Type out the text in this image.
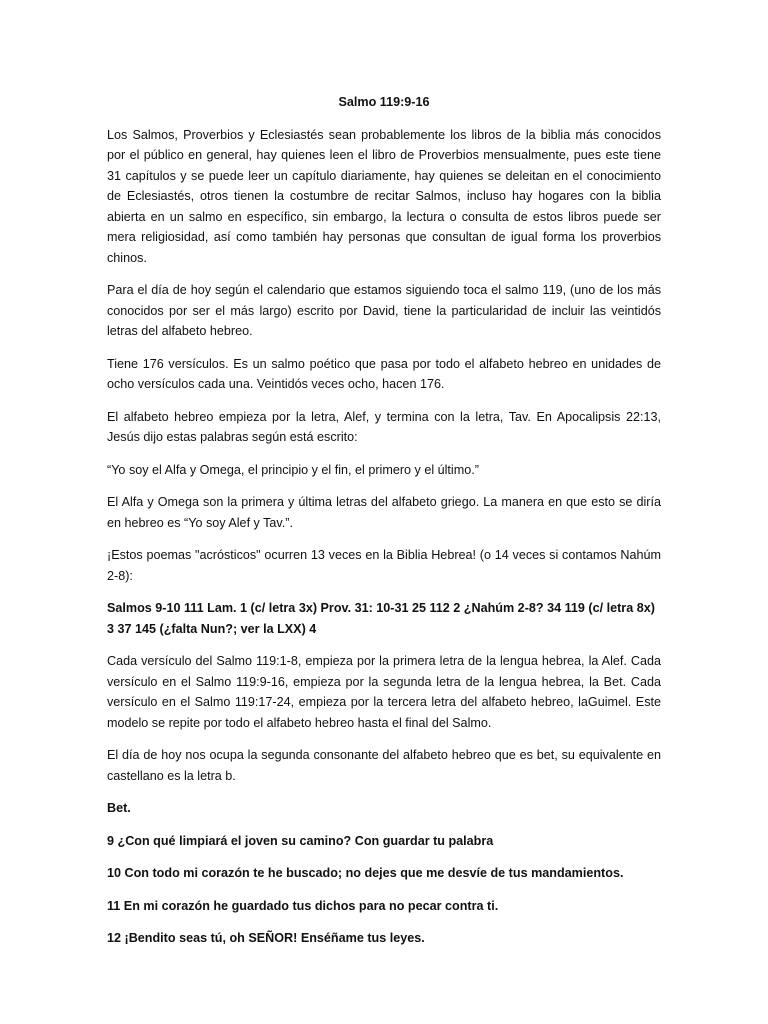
Salmo 119:9-16

Los Salmos, Proverbios y Eclesiastés sean probablemente los libros de la biblia más conocidos por el público en general, hay quienes leen el libro de Proverbios mensualmente, pues este tiene 31 capítulos y se puede leer un capítulo diariamente, hay quienes se deleitan en el conocimiento de Eclesiastés, otros tienen la costumbre de recitar Salmos, incluso hay hogares con la biblia abierta en un salmo en específico, sin embargo, la lectura o consulta de estos libros puede ser mera religiosidad, así como también hay personas que consultan de igual forma los proverbios chinos.

Para el día de hoy según el calendario que estamos siguiendo toca el salmo 119, (uno de los más conocidos por ser el más largo) escrito por David, tiene la particularidad de incluir las veintidós letras del alfabeto hebreo.

Tiene 176 versículos. Es un salmo poético que pasa por todo el alfabeto hebreo en unidades de ocho versículos cada una. Veintidós veces ocho, hacen 176.

El alfabeto hebreo empieza por la letra, Alef, y termina con la letra, Tav. En Apocalipsis 22:13, Jesús dijo estas palabras según está escrito:

“Yo soy el Alfa y Omega, el principio y el fin, el primero y el último.”

El Alfa y Omega son la primera y última letras del alfabeto griego. La manera en que esto se diría en hebreo es “Yo soy Alef y Tav.”.

¡Estos poemas "acrósticos" ocurren 13 veces en la Biblia Hebrea! (o 14 veces si contamos Nahúm 2-8):

Salmos 9-10 111 Lam. 1 (c/ letra 3x) Prov. 31: 10-31 25 112 2 ¿Nahúm 2-8? 34 119 (c/ letra 8x) 3 37 145 (¿falta Nun?; ver la LXX) 4

Cada versículo del Salmo 119:1-8, empieza por la primera letra de la lengua hebrea, la Alef. Cada versículo en el Salmo 119:9-16, empieza por la segunda letra de la lengua hebrea, la Bet. Cada versículo en el Salmo 119:17-24, empieza por la tercera letra del alfabeto hebreo, laGuimel. Este modelo se repite por todo el alfabeto hebreo hasta el final del Salmo.

El día de hoy nos ocupa la segunda consonante del alfabeto hebreo que es bet, su equivalente en castellano es la letra b.

Bet.

9 ¿Con qué limpiará el joven su camino? Con guardar tu palabra

10 Con todo mi corazón te he buscado; no dejes que me desvíe de tus mandamientos.

11 En mi corazón he guardado tus dichos para no pecar contra ti.

12 ¡Bendito seas tú, oh SEÑOR! Enséñame tus leyes.
